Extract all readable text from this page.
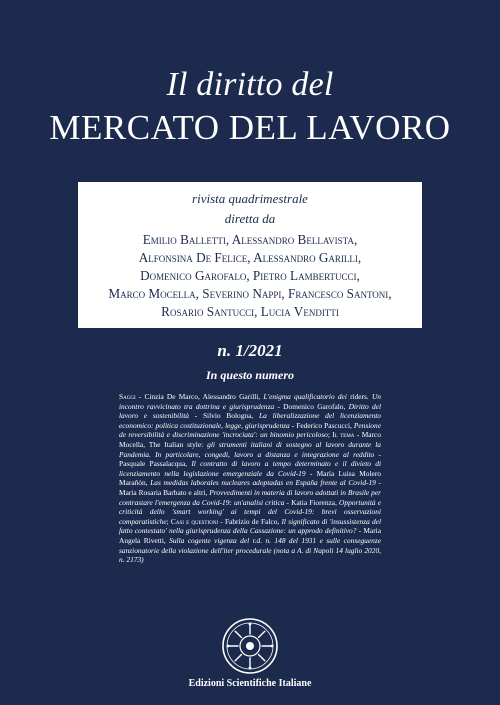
Il diritto del
MERCATO DEL LAVORO
rivista quadrimestrale
diretta da
Emilio Balletti, Alessandro Bellavista,
Alfonsina De Felice, Alessandro Garilli,
Domenico Garofalo, Pietro Lambertucci,
Marco Mocella, Severino Nappi, Francesco Santoni,
Rosario Santucci, Lucia Venditti
n. 1/2021
In questo numero
Saggi - Cinzia De Marco, Alessandro Garilli, L'enigma qualificatorio dei riders. Un incontro ravvicinato tra dottrina e giurisprudenza - Domenico Garofalo, Diritto del lavoro e sostenibilità - Silvio Bologna, La liberalizzazione del licenziamento economico: politica costituzionale, legge, giurisprudenza - Federico Pascucci, Pensione de reversibilità e discriminazione 'incrociata': un binomio pericoloso; Il tema - Marco Mocella, The Italian style: gli strumenti italiani di sostegno al lavoro durante la Pandemia. In particolare, congedi, lavoro a distanza e integrazione al reddito - Pasquale Passalacqua, Il contratto di lavoro a tempo determinato e il divieto di licenziamento nella legislazione emergenziale da Covid-19 - María Luisa Molero Marañón, Las medidas laborales nucleares adoptadas en España frente al Covid-19 - Maria Rosaria Barbato e altri, Provvedimenti in materia di lavoro adottati in Brasile per contrastare l'emergenza da Covid-19: un'analisi critica - Katia Fiorenza, Opportunità e criticità dello 'smart working' ai tempi del Covid-19: brevi osservazioni comparatistiche; Casi e questioni - Fabrizio de Falco, Il significato di 'insussistenza del fatto contestato' nella giurisprudenza della Cassazione: un approdo definitivo? - Maria Angela Rivetti, Sulla cogente vigenza del r.d. n. 148 del 1931 e sulle conseguenze sanzionatorie della violazione dell'iter procedurale (nota a A. di Napoli 14 luglio 2020, n. 2173)
Edizioni Scientifiche Italiane
